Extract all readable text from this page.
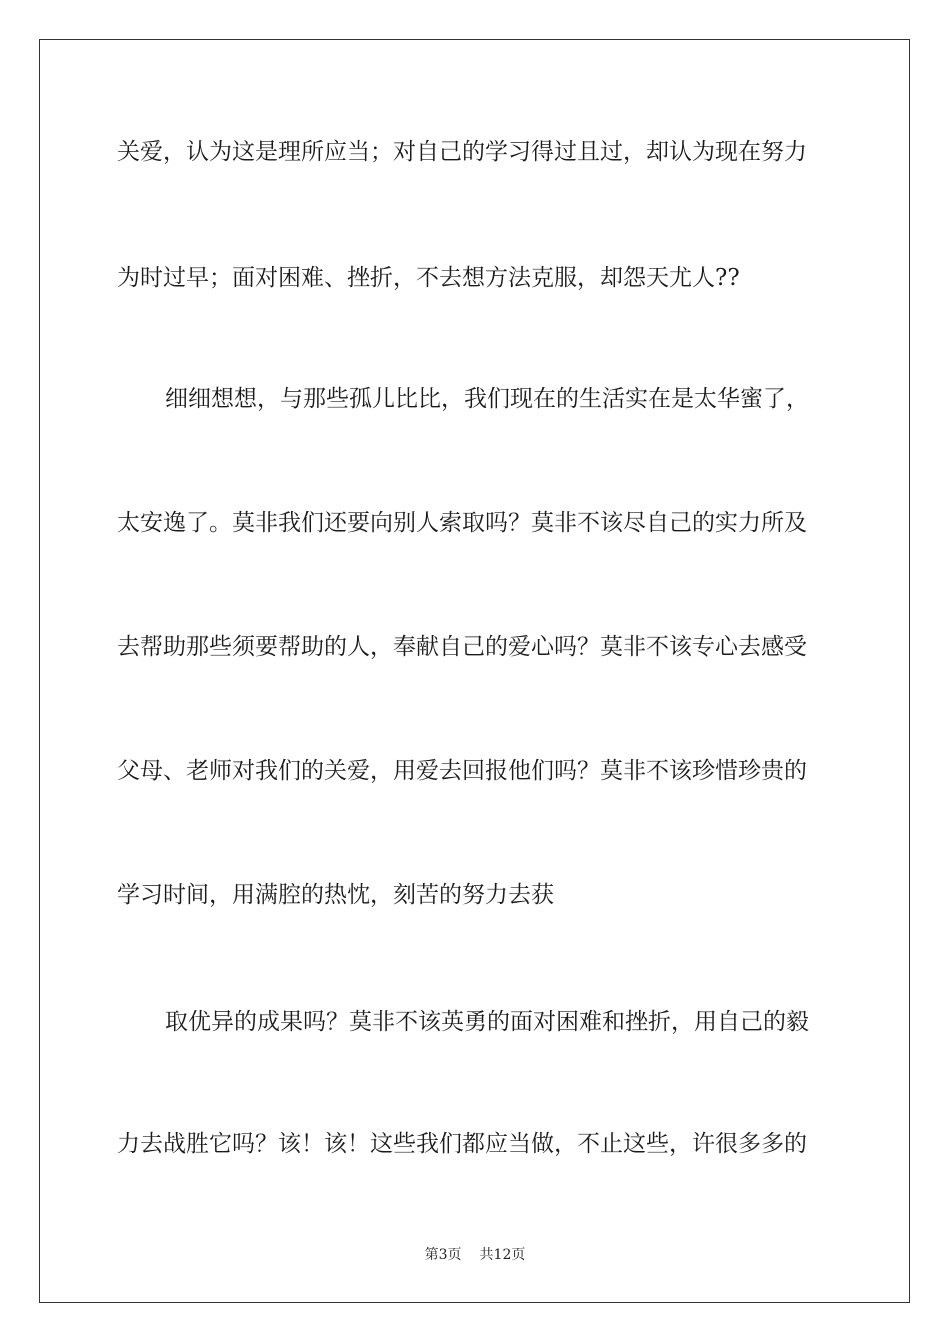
关爱，认为这是理所应当；对自己的学习得过且过，却认为现在努力
为时过早；面对困难、挫折，不去想方法克服，却怨天尤人??
细细想想，与那些孤儿比比，我们现在的生活实在是太华蜜了，
太安逸了。莫非我们还要向别人索取吗？莫非不该尽自己的实力所及
去帮助那些须要帮助的人，奉献自己的爱心吗？莫非不该专心去感受
父母、老师对我们的关爱，用爱去回报他们吗？莫非不该珍惜珍贵的
学习时间，用满腔的热忱，刻苦的努力去获
取优异的成果吗？莫非不该英勇的面对困难和挫折，用自己的毅
力去战胜它吗？该！该！这些我们都应当做，不止这些，许很多多的
第3页 共12页
